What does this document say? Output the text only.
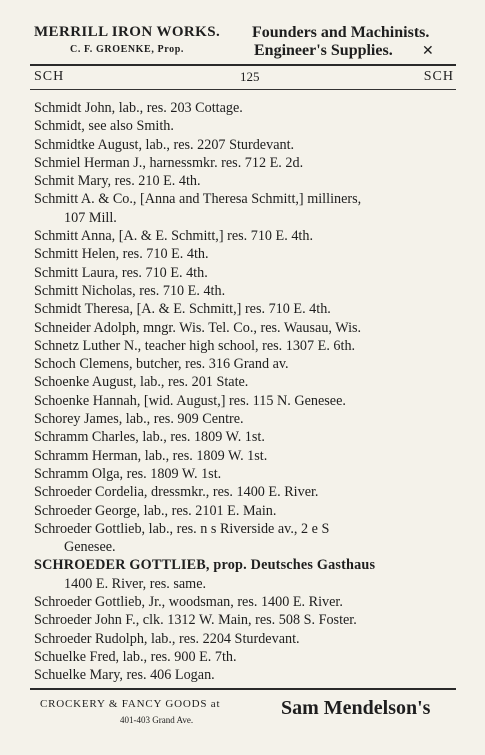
MERRILL IRON WORKS.
C. F. GROENKE, Prop.
Founders and Machinists.
Engineer's Supplies. ✕
SCH	125	SCH
Schmidt John, lab., res. 203 Cottage.
Schmidt, see also Smith.
Schmidtke August, lab., res. 2207 Sturdevant.
Schmiel Herman J., harnessmkr. res. 712 E. 2d.
Schmit Mary, res. 210 E. 4th.
Schmitt A. & Co., [Anna and Theresa Schmitt,] milliners,
107 Mill.
Schmitt Anna, [A. & E. Schmitt,] res. 710 E. 4th.
Schmitt Helen, res. 710 E. 4th.
Schmitt Laura, res. 710 E. 4th.
Schmitt Nicholas, res. 710 E. 4th.
Schmidt Theresa, [A. & E. Schmitt,] res. 710 E. 4th.
Schneider Adolph, mngr. Wis. Tel. Co., res. Wausau, Wis.
Schnetz Luther N., teacher high school, res. 1307 E. 6th.
Schoch Clemens, butcher, res. 316 Grand av.
Schoenke August, lab., res. 201 State.
Schoenke Hannah, [wid. August,] res. 115 N. Genesee.
Schorey James, lab., res. 909 Centre.
Schramm Charles, lab., res. 1809 W. 1st.
Schramm Herman, lab., res. 1809 W. 1st.
Schramm Olga, res. 1809 W. 1st.
Schroeder Cordelia, dressmkr., res. 1400 E. River.
Schroeder George, lab., res. 2101 E. Main.
Schroeder Gottlieb, lab., res. n s Riverside av., 2 e S
Genesee.
SCHROEDER GOTTLIEB, prop. Deutsches Gasthaus
1400 E. River, res. same.
Schroeder Gottlieb, Jr., woodsman, res. 1400 E. River.
Schroeder John F., clk. 1312 W. Main, res. 508 S. Foster.
Schroeder Rudolph, lab., res. 2204 Sturdevant.
Schuelke Fred, lab., res. 900 E. 7th.
Schuelke Mary, res. 406 Logan.
CROCKERY & FANCY GOODS at
401-403 Grand Ave.
Sam Mendelson's
